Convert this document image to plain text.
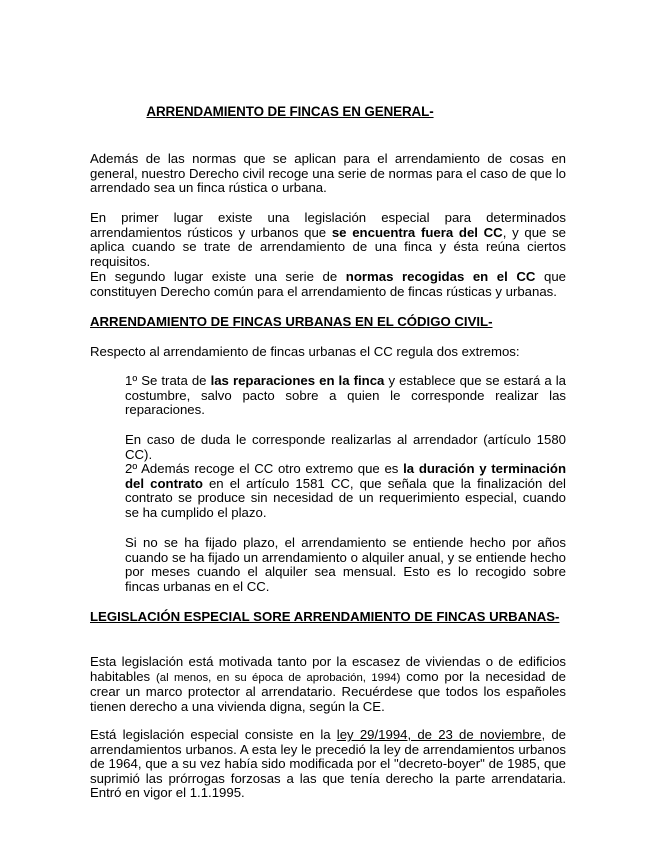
ARRENDAMIENTO DE FINCAS EN GENERAL-
Además de las normas que se aplican para el arrendamiento de cosas en general, nuestro Derecho civil recoge una serie de normas para el caso de que lo arrendado sea un finca rústica o urbana.
En primer lugar existe una legislación especial para determinados arrendamientos rústicos y urbanos que se encuentra fuera del CC, y que se aplica cuando se trate de arrendamiento de una finca y ésta reúna ciertos requisitos.
En segundo lugar existe una serie de normas recogidas en el CC que constituyen Derecho común para el arrendamiento de fincas rústicas y urbanas.
ARRENDAMIENTO DE FINCAS URBANAS EN EL CÓDIGO CIVIL-
Respecto al arrendamiento de fincas urbanas el CC regula dos extremos:
1º Se trata de las reparaciones en la finca y establece que se estará a la costumbre, salvo pacto sobre a quien le corresponde realizar las reparaciones.
En caso de duda le corresponde realizarlas al arrendador (artículo 1580 CC).
2º Además recoge el CC otro extremo que es la duración y terminación del contrato en el artículo 1581 CC, que señala que la finalización del contrato se produce sin necesidad de un requerimiento especial, cuando se ha cumplido el plazo.
Si no se ha fijado plazo, el arrendamiento se entiende hecho por años cuando se ha fijado un arrendamiento o alquiler anual, y se entiende hecho por meses cuando el alquiler sea mensual. Esto es lo recogido sobre fincas urbanas en el CC.
LEGISLACIÓN ESPECIAL SORE ARRENDAMIENTO DE FINCAS URBANAS-
Esta legislación está motivada tanto por la escasez de viviendas o de edificios habitables (al menos, en su época de aprobación, 1994) como por la necesidad de crear un marco protector al arrendatario. Recuérdese que todos los españoles tienen derecho a una vivienda digna, según la CE.
Está legislación especial consiste en la ley 29/1994, de 23 de noviembre, de arrendamientos urbanos. A esta ley le precedió la ley de arrendamientos urbanos de 1964, que a su vez había sido modificada por el "decreto-boyer" de 1985, que suprimió las prórrogas forzosas a las que tenía derecho la parte arrendataria. Entró en vigor el 1.1.1995.
